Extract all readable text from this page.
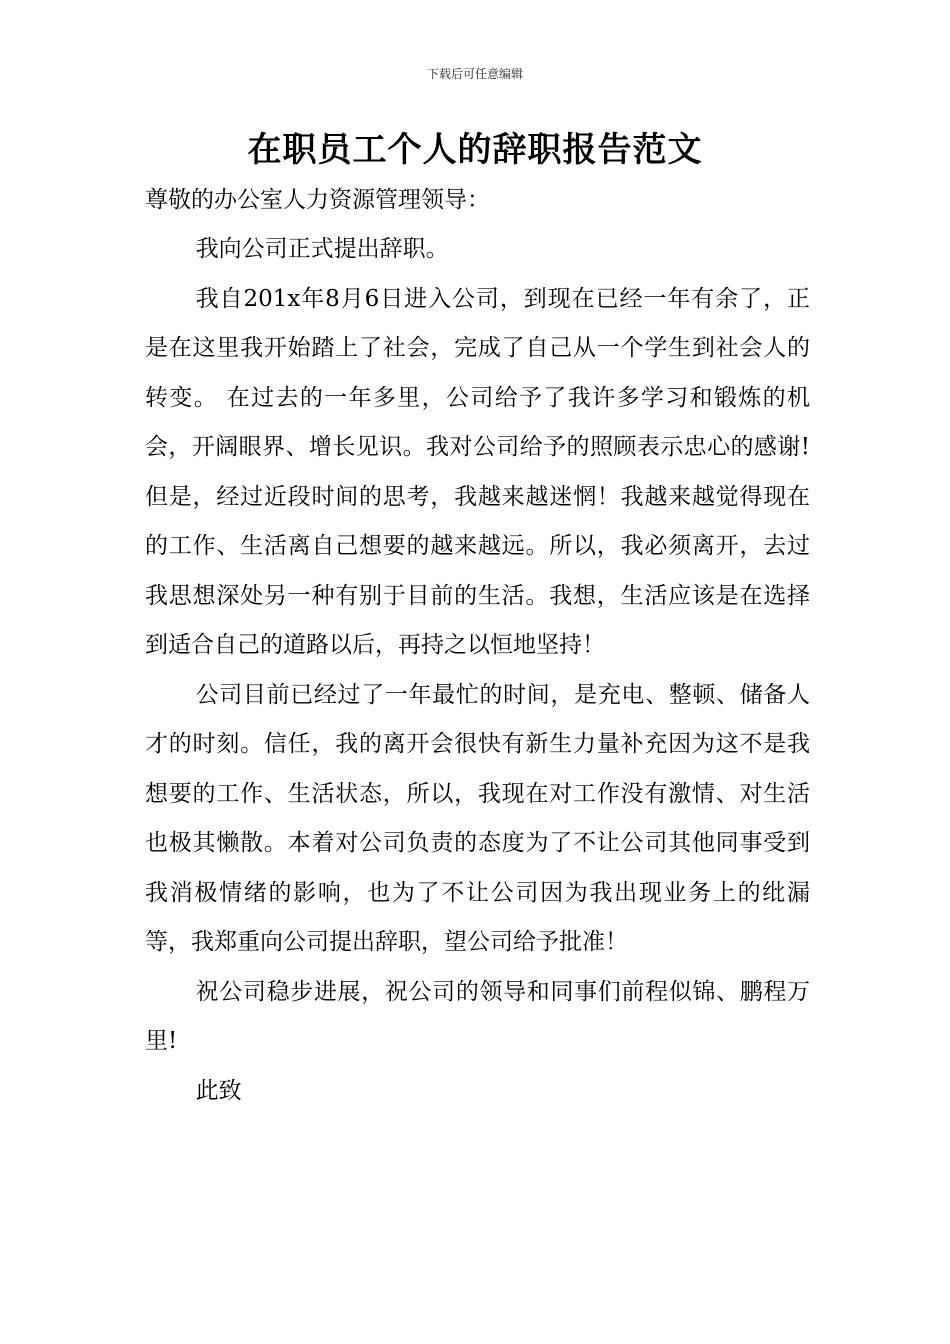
下载后可任意编辑
在职员工个人的辞职报告范文

尊敬的办公室人力资源管理领导：

我向公司正式提出辞职。

我自201x年8月6日进入公司，到现在已经一年有余了，正是在这里我开始踏上了社会，完成了自己从一个学生到社会人的转变。 在过去的一年多里，公司给予了我许多学习和锻炼的机会，开阔眼界、增长见识。我对公司给予的照顾表示忠心的感谢!但是，经过近段时间的思考，我越来越迷惘！我越来越觉得现在的工作、生活离自己想要的越来越远。所以，我必须离开，去过我思想深处另一种有别于目前的生活。我想，生活应该是在选择到适合自己的道路以后，再持之以恒地坚持！

公司目前已经过了一年最忙的时间，是充电、整顿、储备人才的时刻。信任，我的离开会很快有新生力量补充因为这不是我想要的工作、生活状态，所以，我现在对工作没有激情、对生活也极其懒散。本着对公司负责的态度为了不让公司其他同事受到我消极情绪的影响，也为了不让公司因为我出现业务上的纰漏等，我郑重向公司提出辞职，望公司给予批准！

祝公司稳步进展，祝公司的领导和同事们前程似锦、鹏程万里!

此致
